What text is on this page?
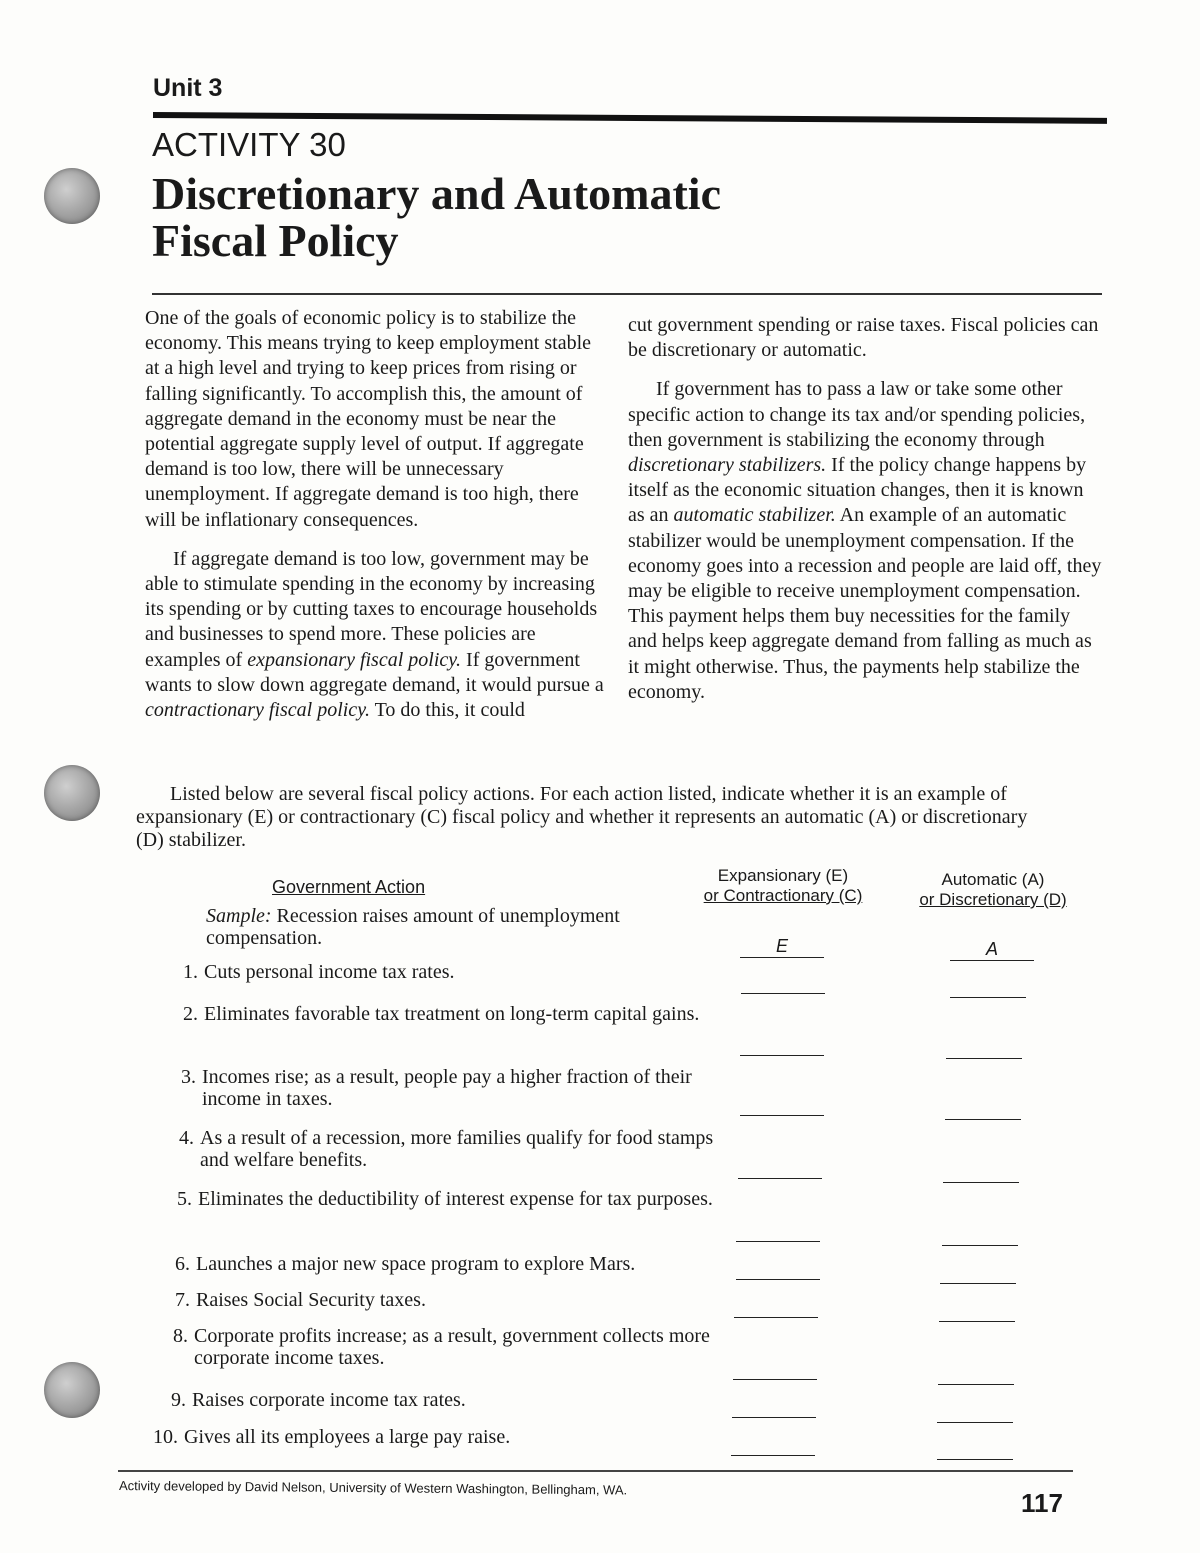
Unit 3
ACTIVITY 30
Discretionary and Automatic
Fiscal Policy

One of the goals of economic policy is to stabilize the economy. This means trying to keep employment stable at a high level and trying to keep prices from rising or falling significantly. To accomplish this, the amount of aggregate demand in the economy must be near the potential aggregate supply level of output. If aggregate demand is too low, there will be unnecessary unemployment. If aggregate demand is too high, there will be inflationary consequences.

If aggregate demand is too low, government may be able to stimulate spending in the economy by increasing its spending or by cutting taxes to encourage households and businesses to spend more. These policies are examples of expansionary fiscal policy. If government wants to slow down aggregate demand, it would pursue a contractionary fiscal policy. To do this, it could

cut government spending or raise taxes. Fiscal policies can be discretionary or automatic.

If government has to pass a law or take some other specific action to change its tax and/or spending policies, then government is stabilizing the economy through discretionary stabilizers. If the policy change happens by itself as the economic situation changes, then it is known as an automatic stabilizer. An example of an automatic stabilizer would be unemployment compensation. If the economy goes into a recession and people are laid off, they may be eligible to receive unemployment compensation. This payment helps them buy necessities for the family and helps keep aggregate demand from falling as much as it might otherwise. Thus, the payments help stabilize the economy.

Listed below are several fiscal policy actions. For each action listed, indicate whether it is an example of expansionary (E) or contractionary (C) fiscal policy and whether it represents an automatic (A) or discretionary (D) stabilizer.

Government Action
Expansionary (E)
or Contractionary (C)
Automatic (A)
or Discretionary (D)
Sample: Recession raises amount of unemployment compensation.	E	A
1. Cuts personal income tax rates.
2. Eliminates favorable tax treatment on long-term capital gains.
3. Incomes rise; as a result, people pay a higher fraction of their income in taxes.
4. As a result of a recession, more families qualify for food stamps and welfare benefits.
5. Eliminates the deductibility of interest expense for tax purposes.
6. Launches a major new space program to explore Mars.
7. Raises Social Security taxes.
8. Corporate profits increase; as a result, government collects more corporate income taxes.
9. Raises corporate income tax rates.
10. Gives all its employees a large pay raise.
Activity developed by David Nelson, University of Western Washington, Bellingham, WA.
117
